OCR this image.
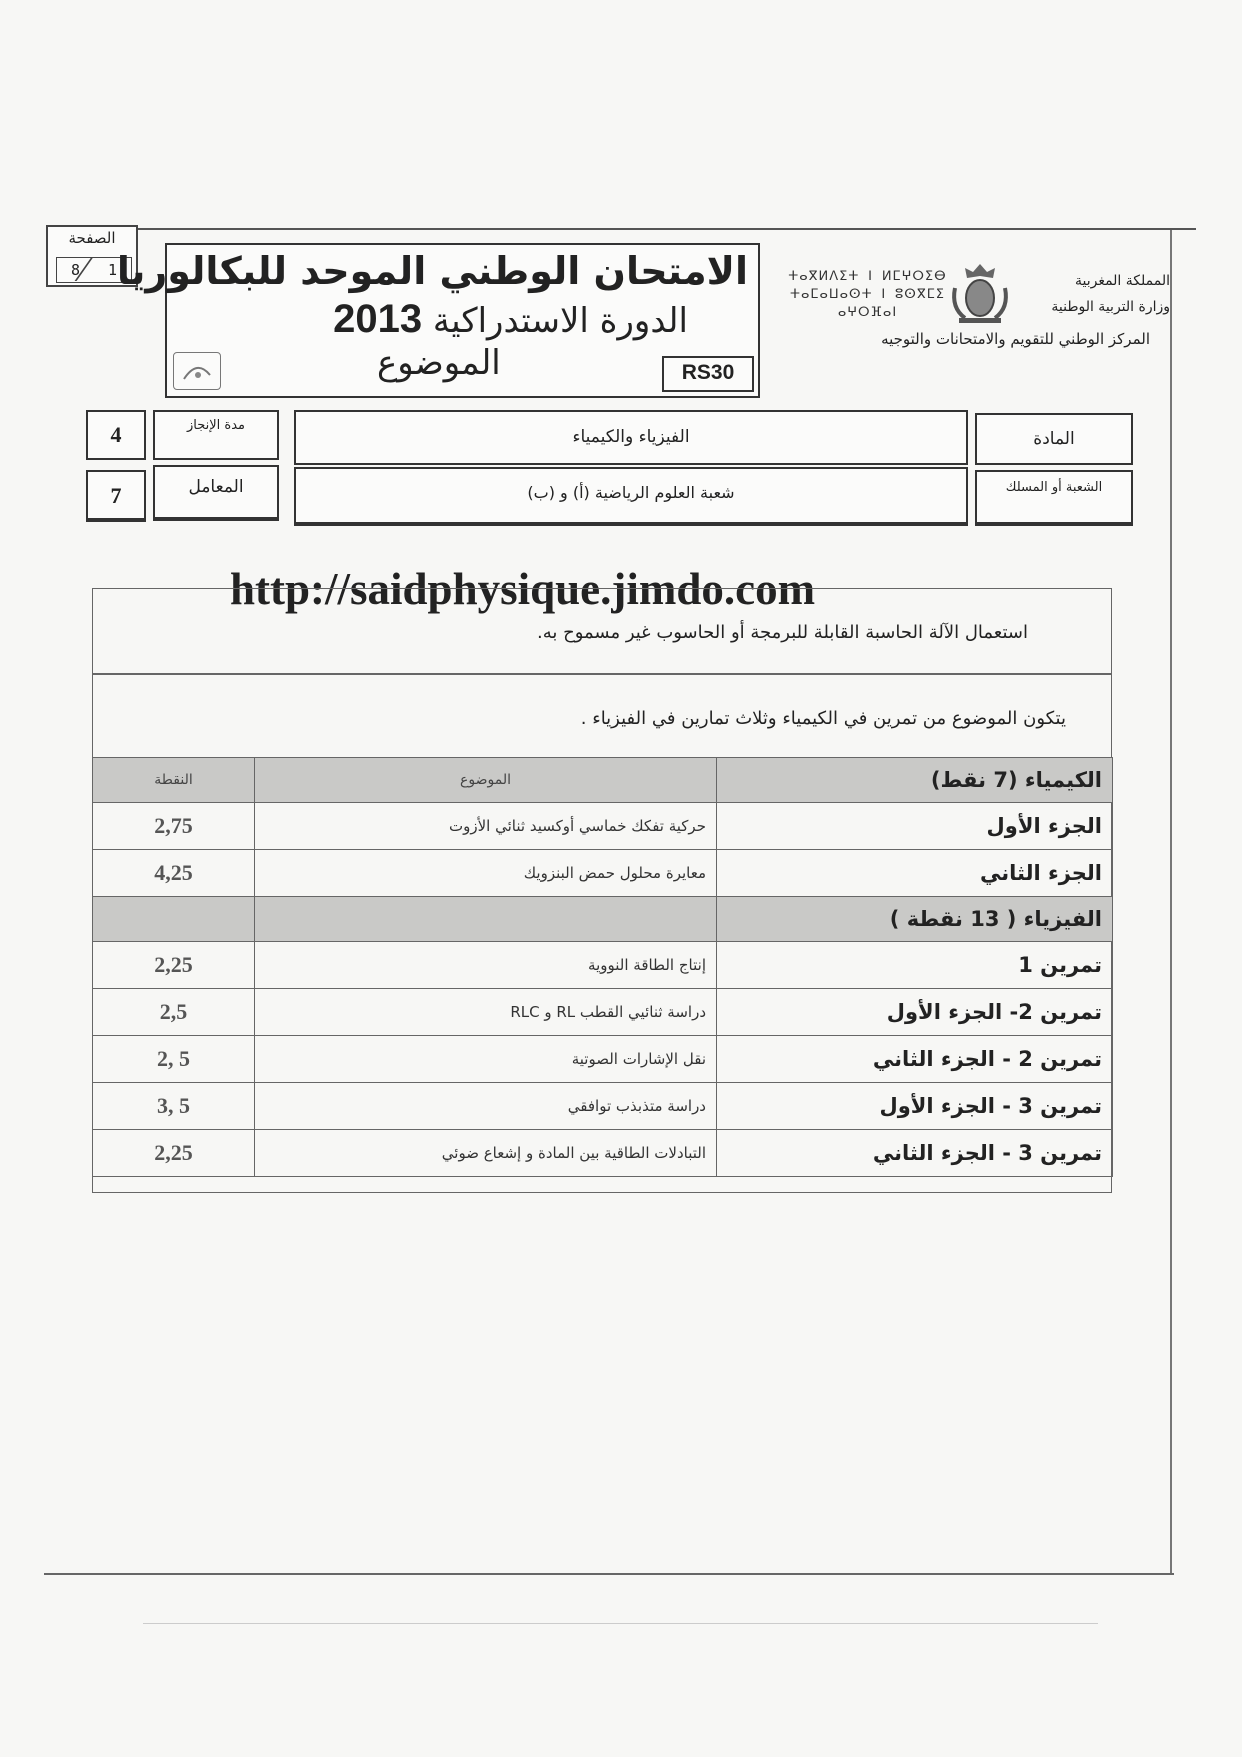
الصفحة
8	1 الامتحان الوطني الموحد للبكالوريا
الدورة الاستدراكية 2013
الموضوع	RS30
ⵜⴰⴳⵍⴷⵉⵜ ⵏ ⵍⵎⵖⵔⵉⴱ
ⵜⴰⵎⴰⵡⴰⵙⵜ ⵏ ⵓⵙⴳⵎⵉ
ⴰⵖⵔⴼⴰⵏ
المملكة المغربية
وزارة التربية الوطنية
المركز الوطني للتقويم والامتحانات والتوجيه
المادة
الفيزياء والكيمياء
مدة الإنجاز
4
الشعبة أو المسلك
شعبة العلوم الرياضية (أ) و (ب)
المعامل
7
http://saidphysique.jimdo.com
استعمال الآلة الحاسبة القابلة للبرمجة أو الحاسوب غير مسموح به.
يتكون الموضوع من تمرين في الكيمياء وثلاث تمارين في الفيزياء .
النقطة	الموضوع	الكيمياء (7 نقط)
2,75	حركية تفكك خماسي أوكسيد ثنائي الأزوت	الجزء الأول
4,25	معايرة محلول حمض البنزويك	الجزء الثاني
		الفيزياء ( 13 نقطة )
2,25	إنتاج الطاقة النووية	تمرين 1
2,5	دراسة ثنائيي القطب RL و RLC	تمرين 2- الجزء الأول
2, 5	نقل الإشارات الصوتية	تمرين 2 - الجزء الثاني
3, 5	دراسة متذبذب توافقي	تمرين 3 - الجزء الأول
2,25	التبادلات الطاقية بين المادة و إشعاع ضوئي	تمرين 3 - الجزء الثاني
